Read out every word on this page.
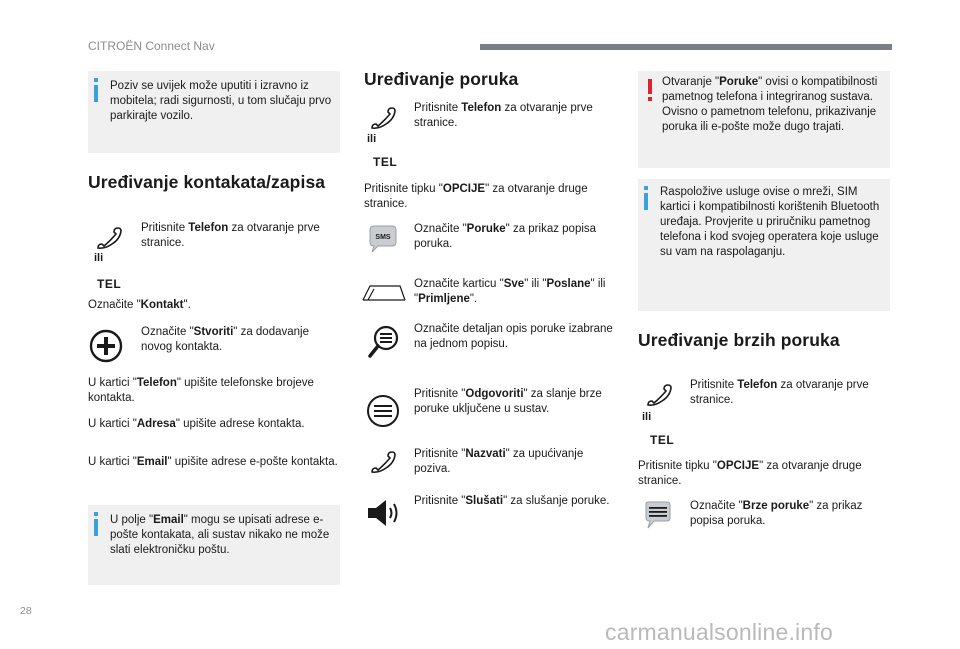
CITROËN Connect Nav
Poziv se uvijek može uputiti i izravno iz mobitela; radi sigurnosti, u tom slučaju prvo parkirajte vozilo.
Uređivanje kontakata/zapisa
Pritisnite Telefon za otvaranje prve stranice.
ili
TEL
Označite "Kontakt".
Označite "Stvoriti" za dodavanje novog kontakta.
U kartici "Telefon" upišite telefonske brojeve kontakta.
U kartici "Adresa" upišite adrese kontakta.
U kartici "Email" upišite adrese e-pošte kontakta.
U polje "Email" mogu se upisati adrese e-pošte kontakata, ali sustav nikako ne može slati elektroničku poštu.
Uređivanje poruka
Pritisnite Telefon za otvaranje prve stranice.
ili
TEL
Pritisnite tipku "OPCIJE" za otvaranje druge stranice.
SMS
Označite "Poruke" za prikaz popisa poruka.
Označite karticu "Sve" ili "Poslane" ili "Primljene".
Označite detaljan opis poruke izabrane na jednom popisu.
Pritisnite "Odgovoriti" za slanje brze poruke uključene u sustav.
Pritisnite "Nazvati" za upućivanje poziva.
Pritisnite "Slušati" za slušanje poruke.
Otvaranje "Poruke" ovisi o kompatibilnosti pametnog telefona i integriranog sustava. Ovisno o pametnom telefonu, prikazivanje poruka ili e-pošte može dugo trajati.
Raspoložive usluge ovise o mreži, SIM kartici i kompatibilnosti korištenih Bluetooth uređaja. Provjerite u priručniku pametnog telefona i kod svojeg operatera koje usluge su vam na raspolaganju.
Uređivanje brzih poruka
Pritisnite Telefon za otvaranje prve stranice.
ili
TEL
Pritisnite tipku "OPCIJE" za otvaranje druge stranice.
Označite "Brze poruke" za prikaz popisa poruka.
28
carmanualsonline.info
